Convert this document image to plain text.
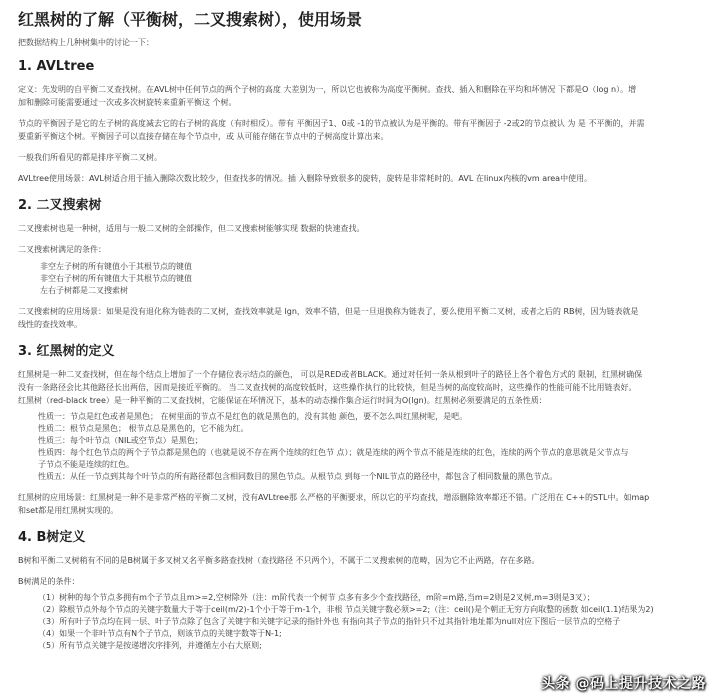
红黑树的了解（平衡树，二叉搜索树），使用场景

把数据结构上几种树集中的讨论一下：

1. AVLtree

定义：先发明的自平衡二叉查找树。在AVL树中任何节点的两个子树的高度 大差别为一，所以它也被称为高度平衡树。查找、插入和删除在平均和坏情况 下都是O（log n）。增

加和删除可能需要通过一次或多次树旋转来重新平衡这 个树。

节点的平衡因子是它的左子树的高度减去它的右子树的高度（有时相反）。带有 平衡因子1、0或 -1的节点被认为是平衡的。带有平衡因子 -2或2的节点被认 为 是 不平衡的，并需

要重新平衡这个树。平衡因子可以直接存储在每个节点中，或 从可能存储在节点中的子树高度计算出来。

一般我们所看见的都是排序平衡二叉树。

AVLtree使用场景：AVL树适合用于插入删除次数比较少，但查找多的情况。插 入删除导致很多的旋转，旋转是非常耗时的。AVL 在linux内核的vm area中使用。

2. 二叉搜索树

二叉搜索树也是一种树，适用与一般二叉树的全部操作，但二叉搜索树能够实现 数据的快速查找。

二叉搜索树满足的条件：

1. 非空左子树的所有键值小于其根节点的键值
2. 非空右子树的所有键值大于其根节点的键值
3. 左右子树都是二叉搜索树

二叉搜索树的应用场景：如果是没有退化称为链表的二叉树，查找效率就是 lgn，效率不错，但是一旦退换称为链表了，要么使用平衡二叉树，或者之后的 RB树，因为链表就是

线性的查找效率。

3. 红黑树的定义

红黑树是一种二叉查找树，但在每个结点上增加了一个存储位表示结点的颜色， 可以是RED或者BLACK。通过对任何一条从根到叶子的路径上各个着色方式的 限制，红黑树确保

没有一条路径会比其他路径长出两倍，因而是接近平衡的。 当二叉查找树的高度较低时，这些操作执行的比较快，但是当树的高度较高时，这些操作的性能可能不比用链表好。

红黑树（red-black tree）是一种平衡的二叉查找树，它能保证在坏情况下，基本的动态操作集合运行时间为O(lgn)。红黑树必须要满足的五条性质：

• 性质一：节点是红色或者是黑色； 在树里面的节点不是红色的就是黑色的，没有其他 颜色，要不怎么叫红黑树呢，是吧。
• 性质二：根节点是黑色； 根节点总是黑色的，它不能为红。
• 性质三：每个叶节点（NIL或空节点）是黑色；
• 性质四：每个红色节点的两个子节点都是黑色的（也就是说不存在两个连续的红色节 点）；就是连续的两个节点不能是连续的红色，连续的两个节点的意思就是父节点与
子节点不能是连续的红色。
• 性质五：从任一节点到其每个叶节点的所有路径都包含相同数目的黑色节点。从根节点 到每一个NIL节点的路径中，都包含了相同数量的黑色节点。

红黑树的应用场景：红黑树是一种不是非常严格的平衡二叉树，没有AVLtree那 么严格的平衡要求，所以它的平均查找，增添删除效率都还不错。广泛用在 C++的STL中。如map

和set都是用红黑树实现的。

4. B树定义

B树和平衡二叉树稍有不同的是B树属于多叉树又名平衡多路查找树（查找路径 不只两个），不属于二叉搜索树的范畴，因为它不止两路，存在多路。

B树满足的条件：

• （1）树种的每个节点多拥有m个子节点且m>=2,空树除外（注：m阶代表一个树节 点多有多少个查找路径，m阶=m路,当m=2则是2叉树,m=3则是3叉）；
• （2）除根节点外每个节点的关键字数量大于等于ceil(m/2)-1个小于等于m-1个，非根 节点关键字数必须>=2;（注：ceil()是个朝正无穷方向取整的函数 如ceil(1.1)结果为2)
• （3）所有叶子节点均在同一层、叶子节点除了包含了关键字和关键字记录的指针外也 有指向其子节点的指针只不过其指针地址都为null对应下图后一层节点的空格子
• （4）如果一个非叶节点有N个子节点，则该节点的关键字数等于N-1;
• （5）所有节点关键字是按递增次序排列，并遵循左小右大原则;
头条 @码上提升技术之路
